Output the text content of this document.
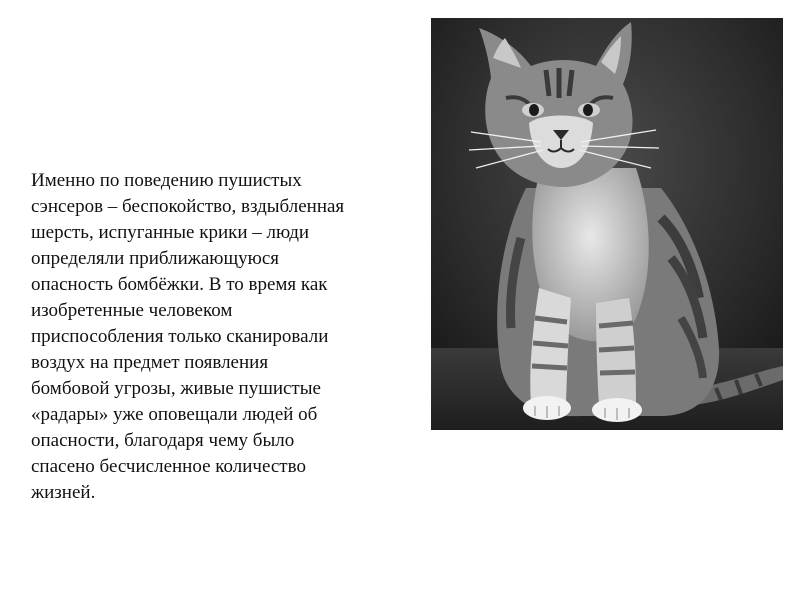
Именно по поведению пушистых
сэнсеров – беспокойство, вздыбленная
шерсть, испуганные крики – люди
определяли приближающуюся
опасность бомбёжки. В то время как
изобретенные человеком
приспособления только сканировали
воздух на предмет появления
бомбовой угрозы, живые пушистые
«радары» уже оповещали людей об
опасности, благодаря чему было
спасено бесчисленное количество
жизней.
